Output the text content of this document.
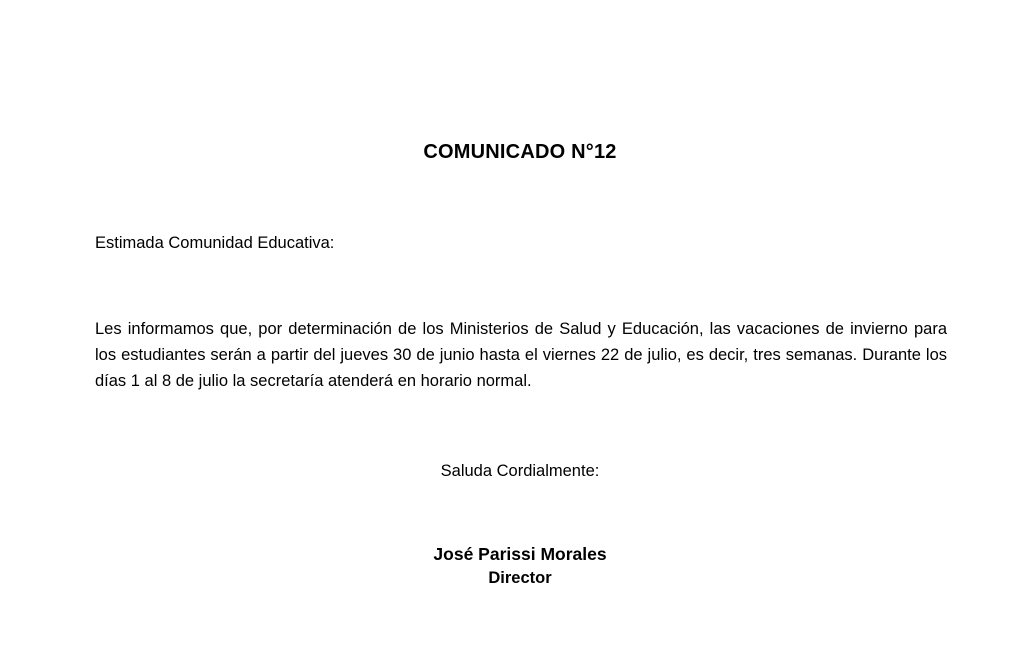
COMUNICADO N°12
Estimada Comunidad Educativa:
Les informamos que, por determinación de los Ministerios de Salud y Educación, las vacaciones de invierno para los estudiantes serán a partir del jueves 30 de junio hasta el viernes 22 de julio, es decir, tres semanas. Durante los días 1 al 8 de julio la secretaría atenderá en horario normal.
Saluda Cordialmente:
José Parissi Morales
Director
